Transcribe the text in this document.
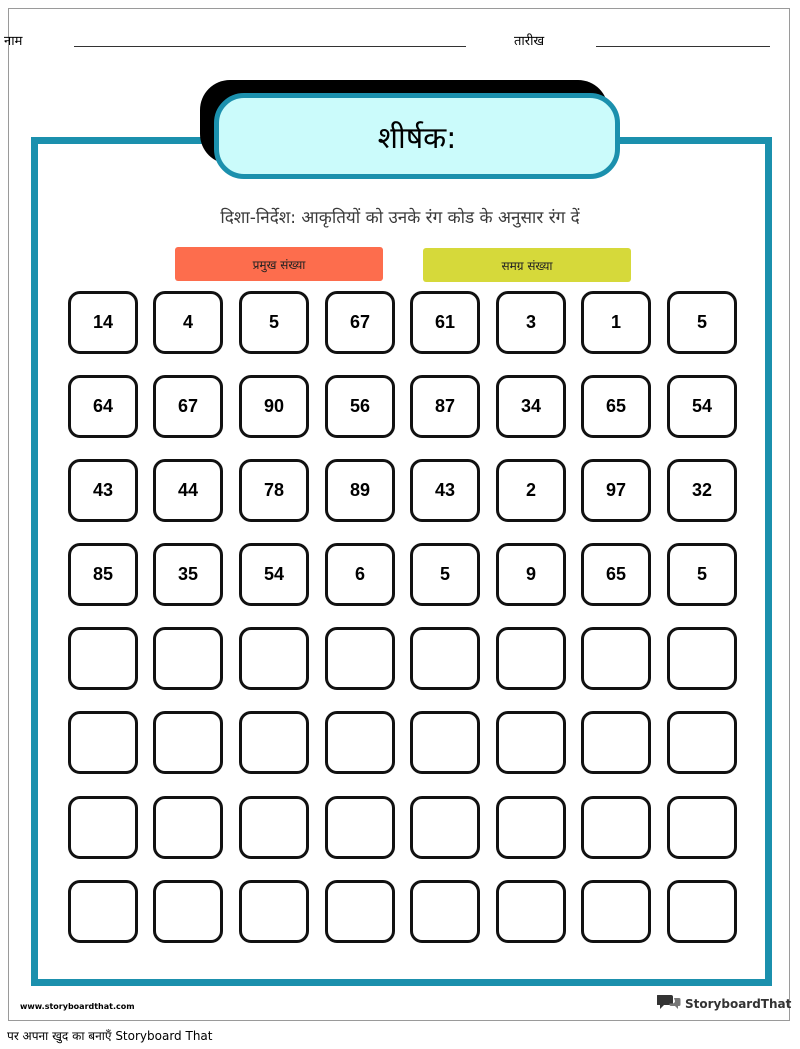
नाम	तारीख
शीर्षक:
दिशा-निर्देश: आकृतियों को उनके रंग कोड के अनुसार रंग दें
प्रमुख संख्या	समग्र संख्या
14	4	5	67	61	3	1	5
64	67	90	56	87	34	65	54
43	44	78	89	43	2	97	32
85	35	54	6	5	9	65	5
www.storyboardthat.com	StoryboardThat
पर अपना खुद का बनाएँ Storyboard That
